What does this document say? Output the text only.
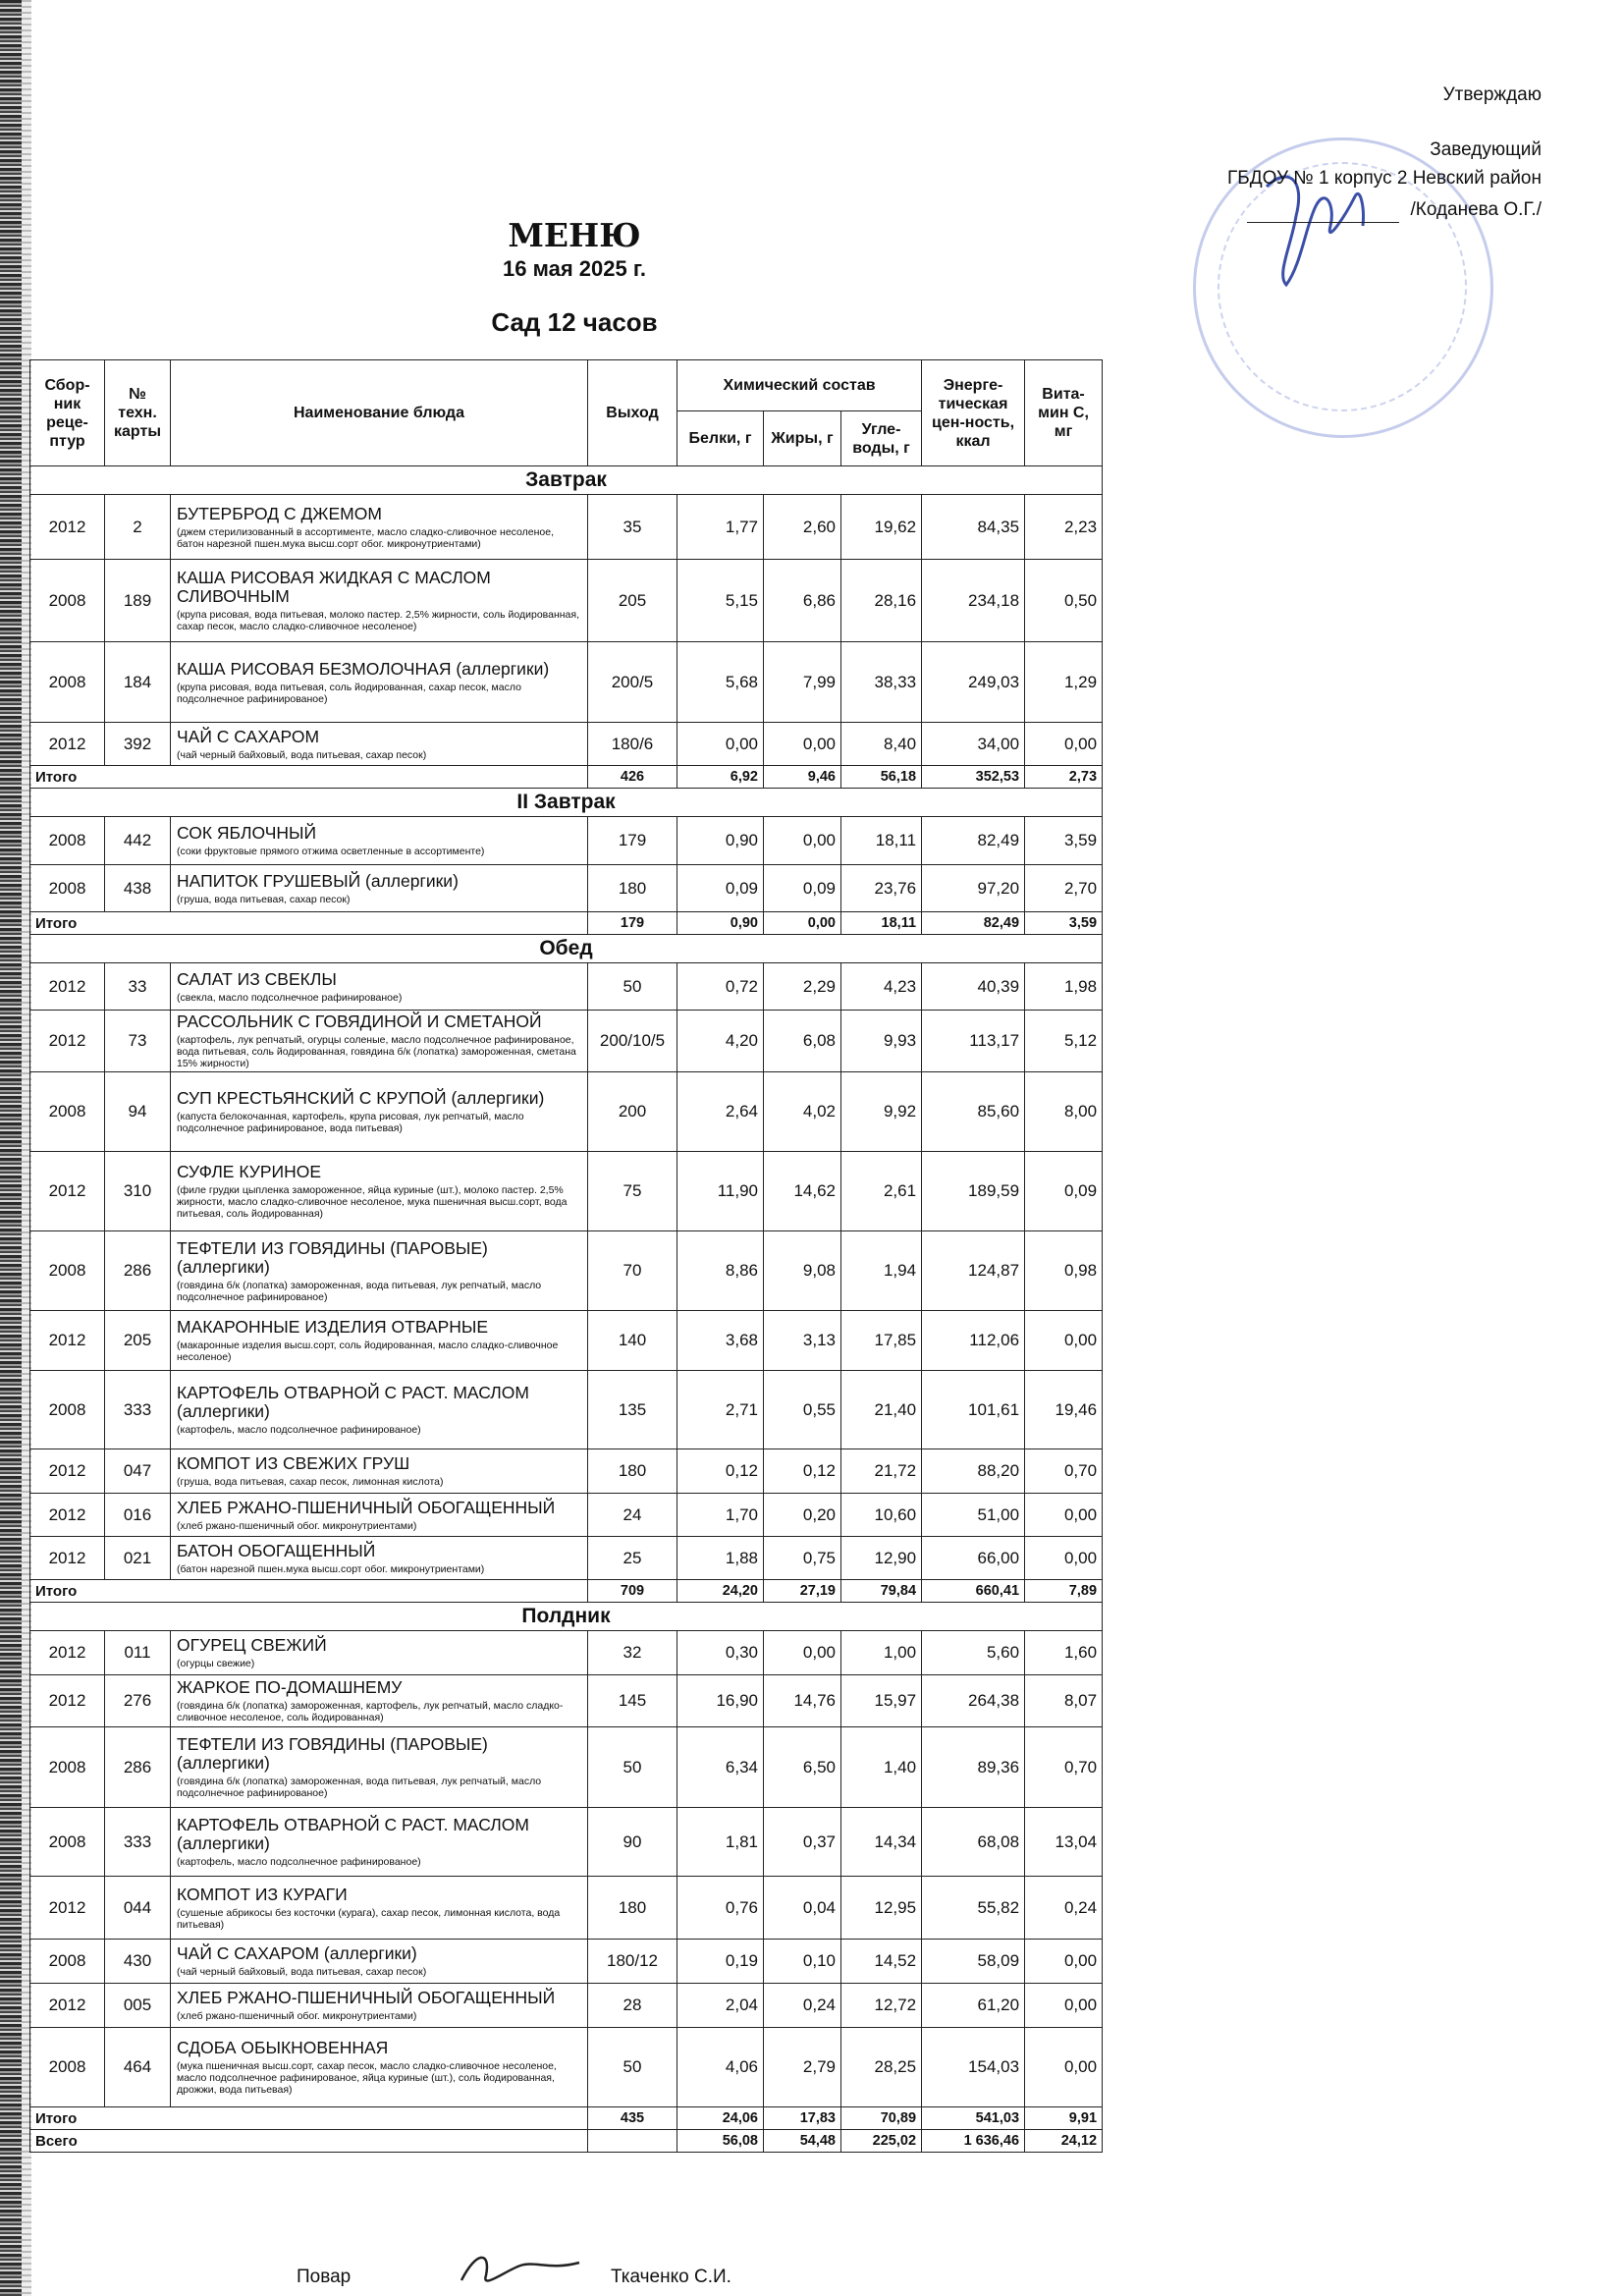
Утверждаю
Заведующий
ГБДОУ № 1 корпус 2 Невский район
/Коданева О.Г./
МЕНЮ
16 мая 2025 г.
Сад 12 часов
Сбор-ник реце-птур	№ техн. карты	Наименование блюда	Выход	Химический состав			Энерге-тическая цен-ность, ккал	Вита-мин С, мг
				Белки, г	Жиры, г	Угле-воды, г		
Завтрак								
2012	2	БУТЕРБРОД С ДЖЕМОМ
(джем стерилизованный в ассортименте, масло сладко-сливочное несоленое, батон нарезной пшен.мука высш.сорт обог. микронутриентами)	35	1,77	2,60	19,62	84,35	2,23
2008	189	КАША РИСОВАЯ ЖИДКАЯ С МАСЛОМ СЛИВОЧНЫМ
(крупа рисовая, вода питьевая, молоко пастер. 2,5% жирности, соль йодированная, сахар песок, масло сладко-сливочное несоленое)	205	5,15	6,86	28,16	234,18	0,50
2008	184	КАША РИСОВАЯ БЕЗМОЛОЧНАЯ (аллергики)
(крупа рисовая, вода питьевая, соль йодированная, сахар песок, масло подсолнечное рафинированое)	200/5	5,68	7,99	38,33	249,03	1,29
2012	392	ЧАЙ С САХАРОМ
(чай черный байховый, вода питьевая, сахар песок)	180/6	0,00	0,00	8,40	34,00	0,00
Итого			426	6,92	9,46	56,18	352,53	2,73
II Завтрак								
2008	442	СОК ЯБЛОЧНЫЙ
(соки фруктовые прямого отжима осветленные в ассортименте)	179	0,90	0,00	18,11	82,49	3,59
2008	438	НАПИТОК ГРУШЕВЫЙ (аллергики)
(груша, вода питьевая, сахар песок)	180	0,09	0,09	23,76	97,20	2,70
Итого			179	0,90	0,00	18,11	82,49	3,59
Обед								
2012	33	САЛАТ ИЗ СВЕКЛЫ
(свекла, масло подсолнечное рафинированое)	50	0,72	2,29	4,23	40,39	1,98
2012	73	РАССОЛЬНИК С ГОВЯДИНОЙ И СМЕТАНОЙ
(картофель, лук репчатый, огурцы соленые, масло подсолнечное рафинированое, вода питьевая, соль йодированная, говядина б/к (лопатка) замороженная, сметана 15% жирности)	200/10/5	4,20	6,08	9,93	113,17	5,12
2008	94	СУП КРЕСТЬЯНСКИЙ С КРУПОЙ (аллергики)
(капуста белокочанная, картофель, крупа рисовая, лук репчатый, масло подсолнечное рафинированое, вода питьевая)	200	2,64	4,02	9,92	85,60	8,00
2012	310	СУФЛЕ КУРИНОЕ
(филе грудки цыпленка замороженное, яйца куриные (шт.), молоко пастер. 2,5% жирности, масло сладко-сливочное несоленое, мука пшеничная высш.сорт, вода питьевая, соль йодированная)	75	11,90	14,62	2,61	189,59	0,09
2008	286	ТЕФТЕЛИ ИЗ ГОВЯДИНЫ (ПАРОВЫЕ) (аллергики)
(говядина б/к (лопатка) замороженная, вода питьевая, лук репчатый, масло подсолнечное рафинированое)	70	8,86	9,08	1,94	124,87	0,98
2012	205	МАКАРОННЫЕ ИЗДЕЛИЯ ОТВАРНЫЕ
(макаронные изделия высш.сорт, соль йодированная, масло сладко-сливочное несоленое)	140	3,68	3,13	17,85	112,06	0,00
2008	333	КАРТОФЕЛЬ ОТВАРНОЙ С РАСТ. МАСЛОМ (аллергики)
(картофель, масло подсолнечное рафинированое)	135	2,71	0,55	21,40	101,61	19,46
2012	047	КОМПОТ ИЗ СВЕЖИХ ГРУШ
(груша, вода питьевая, сахар песок, лимонная кислота)	180	0,12	0,12	21,72	88,20	0,70
2012	016	ХЛЕБ РЖАНО-ПШЕНИЧНЫЙ ОБОГАЩЕННЫЙ
(хлеб ржано-пшеничный обог. микронутриентами)	24	1,70	0,20	10,60	51,00	0,00
2012	021	БАТОН ОБОГАЩЕННЫЙ
(батон нарезной пшен.мука высш.сорт обог. микронутриентами)	25	1,88	0,75	12,90	66,00	0,00
Итого			709	24,20	27,19	79,84	660,41	7,89
Полдник								
2012	011	ОГУРЕЦ СВЕЖИЙ
(огурцы свежие)	32	0,30	0,00	1,00	5,60	1,60
2012	276	ЖАРКОЕ ПО-ДОМАШНЕМУ
(говядина б/к (лопатка) замороженная, картофель, лук репчатый, масло сладко-сливочное несоленое, соль йодированная)	145	16,90	14,76	15,97	264,38	8,07
2008	286	ТЕФТЕЛИ ИЗ ГОВЯДИНЫ (ПАРОВЫЕ) (аллергики)
(говядина б/к (лопатка) замороженная, вода питьевая, лук репчатый, масло подсолнечное рафинированое)	50	6,34	6,50	1,40	89,36	0,70
2008	333	КАРТОФЕЛЬ ОТВАРНОЙ С РАСТ. МАСЛОМ (аллергики)
(картофель, масло подсолнечное рафинированое)	90	1,81	0,37	14,34	68,08	13,04
2012	044	КОМПОТ ИЗ КУРАГИ
(сушеные абрикосы без косточки (курага), сахар песок, лимонная кислота, вода питьевая)	180	0,76	0,04	12,95	55,82	0,24
2008	430	ЧАЙ С САХАРОМ (аллергики)
(чай черный байховый, вода питьевая, сахар песок)	180/12	0,19	0,10	14,52	58,09	0,00
2012	005	ХЛЕБ РЖАНО-ПШЕНИЧНЫЙ ОБОГАЩЕННЫЙ
(хлеб ржано-пшеничный обог. микронутриентами)	28	2,04	0,24	12,72	61,20	0,00
2008	464	СДОБА ОБЫКНОВЕННАЯ
(мука пшеничная высш.сорт, сахар песок, масло сладко-сливочное несоленое, масло подсолнечное рафинированое, яйца куриные (шт.), соль йодированная, дрожжи, вода питьевая)	50	4,06	2,79	28,25	154,03	0,00
Итого			435	24,06	17,83	70,89	541,03	9,91
Всего				56,08	54,48	225,02	1 636,46	24,12
Повар	Ткаченко С.И.
